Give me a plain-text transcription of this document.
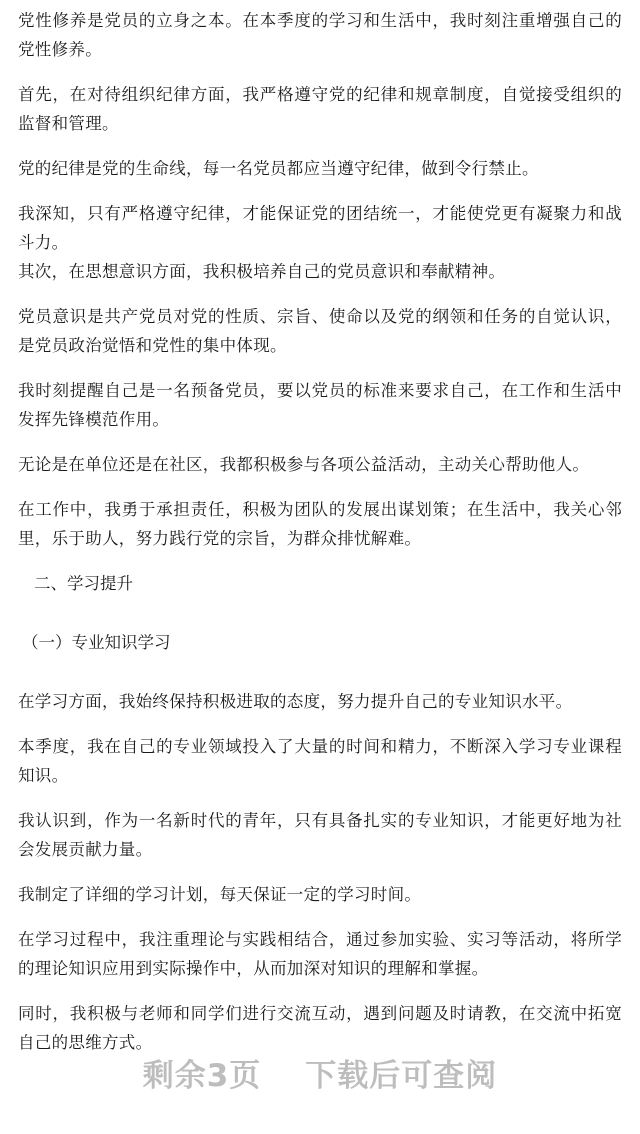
党性修养是党员的立身之本。在本季度的学习和生活中，我时刻注重增强自己的党性修养。

首先，在对待组织纪律方面，我严格遵守党的纪律和规章制度，自觉接受组织的监督和管理。

党的纪律是党的生命线，每一名党员都应当遵守纪律，做到令行禁止。

我深知，只有严格遵守纪律，才能保证党的团结统一，才能使党更有凝聚力和战斗力。

其次，在思想意识方面，我积极培养自己的党员意识和奉献精神。

党员意识是共产党员对党的性质、宗旨、使命以及党的纲领和任务的自觉认识，是党员政治觉悟和党性的集中体现。

我时刻提醒自己是一名预备党员，要以党员的标准来要求自己，在工作和生活中发挥先锋模范作用。

无论是在单位还是在社区，我都积极参与各项公益活动，主动关心帮助他人。

在工作中，我勇于承担责任，积极为团队的发展出谋划策；在生活中，我关心邻里，乐于助人，努力践行党的宗旨，为群众排忧解难。

二、学习提升

（一）专业知识学习

在学习方面，我始终保持积极进取的态度，努力提升自己的专业知识水平。

本季度，我在自己的专业领域投入了大量的时间和精力，不断深入学习专业课程知识。

我认识到，作为一名新时代的青年，只有具备扎实的专业知识，才能更好地为社会发展贡献力量。

我制定了详细的学习计划，每天保证一定的学习时间。

在学习过程中，我注重理论与实践相结合，通过参加实验、实习等活动，将所学的理论知识应用到实际操作中，从而加深对知识的理解和掌握。

同时，我积极与老师和同学们进行交流互动，遇到问题及时请教，在交流中拓宽自己的思维方式。

剩余3页 下载后可查阅
